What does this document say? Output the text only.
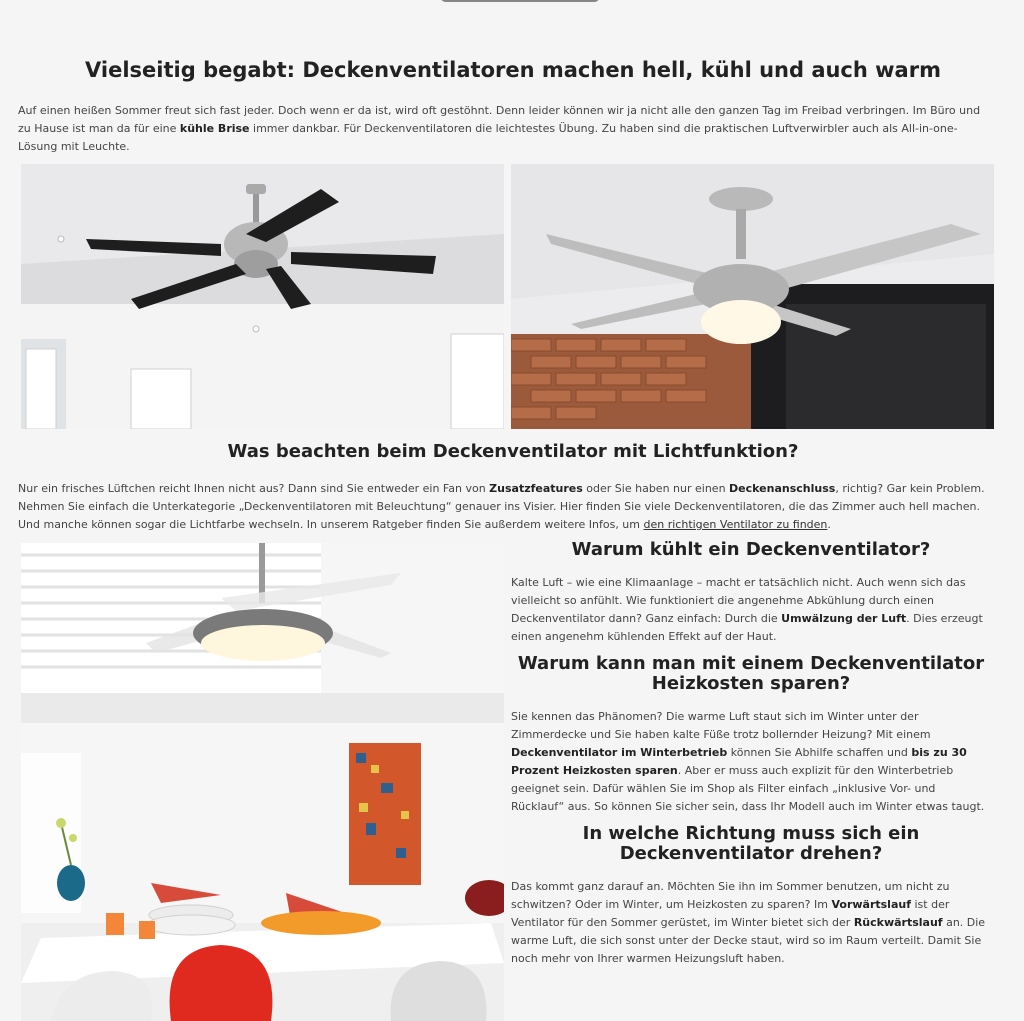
Vielseitig begabt: Deckenventilatoren machen hell, kühl und auch warm

Auf einen heißen Sommer freut sich fast jeder. Doch wenn er da ist, wird oft gestöhnt. Denn leider können wir ja nicht alle den ganzen Tag im Freibad verbringen. Im Büro und zu Hause ist man da für eine kühle Brise immer dankbar. Für Deckenventilatoren die leichtestes Übung. Zu haben sind die praktischen Luftverwirbler auch als All-in-one-Lösung mit Leuchte.

Was beachten beim Deckenventilator mit Lichtfunktion?

Nur ein frisches Lüftchen reicht Ihnen nicht aus? Dann sind Sie entweder ein Fan von Zusatzfeatures oder Sie haben nur einen Deckenanschluss, richtig? Gar kein Problem. Nehmen Sie einfach die Unterkategorie „Deckenventilatoren mit Beleuchtung“ genauer ins Visier. Hier finden Sie viele Deckenventilatoren, die das Zimmer auch hell machen. Und manche können sogar die Lichtfarbe wechseln. In unserem Ratgeber finden Sie außerdem weitere Infos, um den richtigen Ventilator zu finden.

Warum kühlt ein Deckenventilator?

Kalte Luft – wie eine Klimaanlage – macht er tatsächlich nicht. Auch wenn sich das vielleicht so anfühlt. Wie funktioniert die angenehme Abkühlung durch einen Deckenventilator dann? Ganz einfach: Durch die Umwälzung der Luft. Dies erzeugt einen angenehm kühlenden Effekt auf der Haut.

Warum kann man mit einem Deckenventilator Heizkosten sparen?

Sie kennen das Phänomen? Die warme Luft staut sich im Winter unter der Zimmerdecke und Sie haben kalte Füße trotz bollernder Heizung? Mit einem Deckenventilator im Winterbetrieb können Sie Abhilfe schaffen und bis zu 30 Prozent Heizkosten sparen. Aber er muss auch explizit für den Winterbetrieb geeignet sein. Dafür wählen Sie im Shop als Filter einfach „inklusive Vor- und Rücklauf“ aus. So können Sie sicher sein, dass Ihr Modell auch im Winter etwas taugt.

In welche Richtung muss sich ein Deckenventilator drehen?

Das kommt ganz darauf an. Möchten Sie ihn im Sommer benutzen, um nicht zu schwitzen? Oder im Winter, um Heizkosten zu sparen? Im Vorwärtslauf ist der Ventilator für den Sommer gerüstet, im Winter bietet sich der Rückwärtslauf an. Die warme Luft, die sich sonst unter der Decke staut, wird so im Raum verteilt. Damit Sie noch mehr von Ihrer warmen Heizungsluft haben.
